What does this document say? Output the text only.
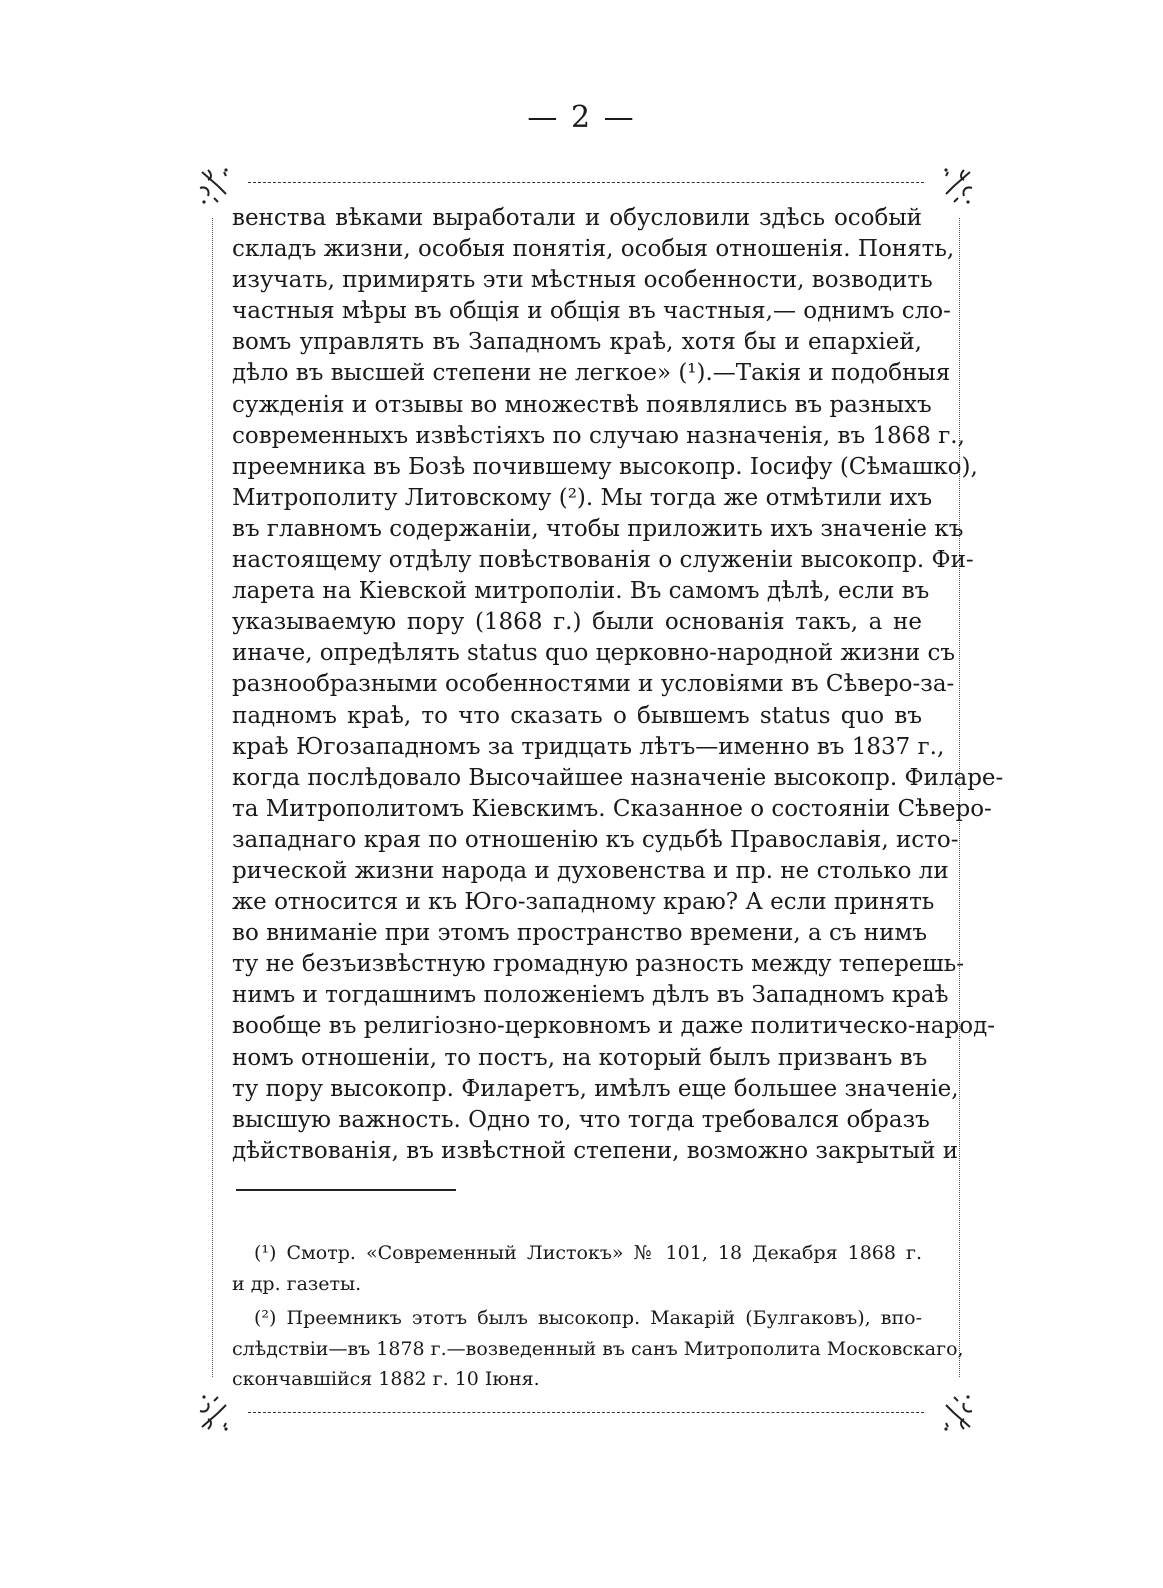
— 2 —
венства вѣками выработали и обусловили здѣсь особый
складъ жизни, особыя понятія, особыя отношенія. Понять,
изучать, примирять эти мѣстныя особенности, возводить
частныя мѣры въ общія и общія въ частныя,— однимъ сло-
вомъ управлять въ Западномъ краѣ, хотя бы и епархіей,
дѣло въ высшей степени не легкое» (¹).—Такія и подобныя
сужденія и отзывы во множествѣ появлялись въ разныхъ
современныхъ извѣстіяхъ по случаю назначенія, въ 1868 г.,
преемника въ Бозѣ почившему высокопр. Іосифу (Сѣмашко),
Митрополиту Литовскому (²). Мы тогда же отмѣтили ихъ
въ главномъ содержаніи, чтобы приложить ихъ значеніе къ
настоящему отдѣлу повѣствованія о служеніи высокопр. Фи-
ларета на Кіевской митрополіи. Въ самомъ дѣлѣ, если въ
указываемую пору (1868 г.) были основанія такъ, а не
иначе, опредѣлять status quo церковно-народной жизни съ
разнообразными особенностями и условіями въ Сѣверо-за-
падномъ краѣ, то что сказать о бывшемъ status quo въ
краѣ Югозападномъ за тридцать лѣтъ—именно въ 1837 г.,
когда послѣдовало Высочайшее назначеніе высокопр. Филаре-
та Митрополитомъ Кіевскимъ. Сказанное о состояніи Сѣверо-
западнаго края по отношенію къ судьбѣ Православія, исто-
рической жизни народа и духовенства и пр. не столько ли
же относится и къ Юго-западному краю? А если принять
во вниманіе при этомъ пространство времени, а съ нимъ
ту не безъизвѣстную громадную разность между теперешь-
нимъ и тогдашнимъ положеніемъ дѣлъ въ Западномъ краѣ
вообще въ религіозно-церковномъ и даже политическо-народ-
номъ отношеніи, то постъ, на который былъ призванъ въ
ту пору высокопр. Филаретъ, имѣлъ еще большее значеніе,
высшую важность. Одно то, что тогда требовался образъ
дѣйствованія, въ извѣстной степени, возможно закрытый и
(¹) Смотр. «Современный Листокъ» № 101, 18 Декабря 1868 г.
и др. газеты.
(²) Преемникъ этотъ былъ высокопр. Макарій (Булгаковъ), впо-
слѣдствіи—въ 1878 г.—возведенный въ санъ Митрополита Московскаго,
скончавшійся 1882 г. 10 Іюня.
